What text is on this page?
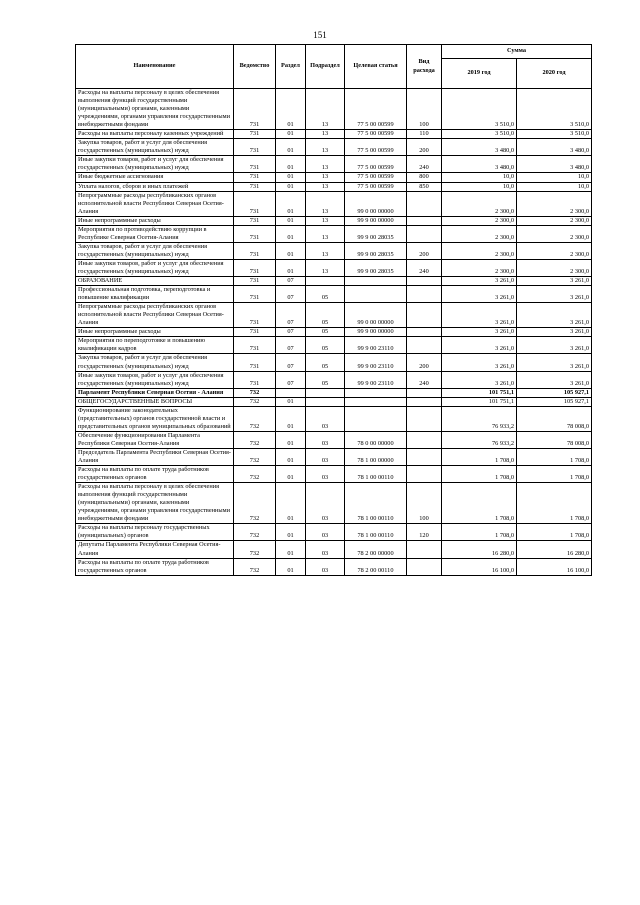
151
Наименование	Ведомство	Раздел	Подраздел	Целевая статья	Вид расхода	Сумма	
						2019 год	2020 год
Расходы на выплаты персоналу в целях обеспечения выполнения функций государственными (муниципальными) органами, казенными учреждениями, органами управления государственными внебюджетными фондами	731	01	13	77 5 00 00599	100	3 510,0	3 510,0
Расходы на выплаты персоналу казенных учреждений	731	01	13	77 5 00 00599	110	3 510,0	3 510,0
Закупка товаров, работ и услуг для обеспечения государственных (муниципальных) нужд	731	01	13	77 5 00 00599	200	3 480,0	3 480,0
Иные закупки товаров, работ и услуг для обеспечения государственных (муниципальных) нужд	731	01	13	77 5 00 00599	240	3 480,0	3 480,0
Иные бюджетные ассигнования	731	01	13	77 5 00 00599	800	10,0	10,0
Уплата налогов, сборов и иных платежей	731	01	13	77 5 00 00599	850	10,0	10,0
Непрограммные расходы республиканских органов исполнительной власти Республики Северная Осетия-Алания	731	01	13	99 0 00 00000		2 300,0	2 300,0
Иные непрограммные расходы	731	01	13	99 9 00 00000		2 300,0	2 300,0
Мероприятия по противодействию коррупции в Республике Северная Осетия-Алания	731	01	13	99 9 00 28035		2 300,0	2 300,0
Закупка товаров, работ и услуг для обеспечения государственных (муниципальных) нужд	731	01	13	99 9 00 28035	200	2 300,0	2 300,0
Иные закупки товаров, работ и услуг для обеспечения государственных (муниципальных) нужд	731	01	13	99 9 00 28035	240	2 300,0	2 300,0
ОБРАЗОВАНИЕ	731	07				3 261,0	3 261,0
Профессиональная подготовка, переподготовка и повышение квалификации	731	07	05			3 261,0	3 261,0
Непрограммные расходы республиканских органов исполнительной власти Республики Северная Осетия-Алания	731	07	05	99 0 00 00000		3 261,0	3 261,0
Иные непрограммные расходы	731	07	05	99 9 00 00000		3 261,0	3 261,0
Мероприятия по переподготовке и повышению квалификации кадров	731	07	05	99 9 00 23110		3 261,0	3 261,0
Закупка товаров, работ и услуг для обеспечения государственных (муниципальных) нужд	731	07	05	99 9 00 23110	200	3 261,0	3 261,0
Иные закупки товаров, работ и услуг для обеспечения государственных (муниципальных) нужд	731	07	05	99 9 00 23110	240	3 261,0	3 261,0
Парламент Республики Северная Осетия - Алания	732					101 751,1	105 927,1
ОБЩЕГОСУДАРСТВЕННЫЕ ВОПРОСЫ	732	01				101 751,1	105 927,1
Функционирование законодательных (представительных) органов государственной власти и представительных органов муниципальных образований	732	01	03			76 933,2	78 008,0
Обеспечение функционирования Парламента Республики Северная Осетия-Алания	732	01	03	78 0 00 00000		76 933,2	78 008,0
Председатель Парламента Республики Северная Осетия-Алания	732	01	03	78 1 00 00000		1 708,0	1 708,0
Расходы на выплаты по оплате труда работников государственных органов	732	01	03	78 1 00 00110		1 708,0	1 708,0
Расходы на выплаты персоналу в целях обеспечения выполнения функций государственными (муниципальными) органами, казенными учреждениями, органами управления государственными внебюджетными фондами	732	01	03	78 1 00 00110	100	1 708,0	1 708,0
Расходы на выплаты персоналу государственных (муниципальных) органов	732	01	03	78 1 00 00110	120	1 708,0	1 708,0
Депутаты Парламента Республики Северная Осетия-Алания	732	01	03	78 2 00 00000		16 280,0	16 280,0
Расходы на выплаты по оплате труда работников государственных органов	732	01	03	78 2 00 00110		16 100,0	16 100,0
